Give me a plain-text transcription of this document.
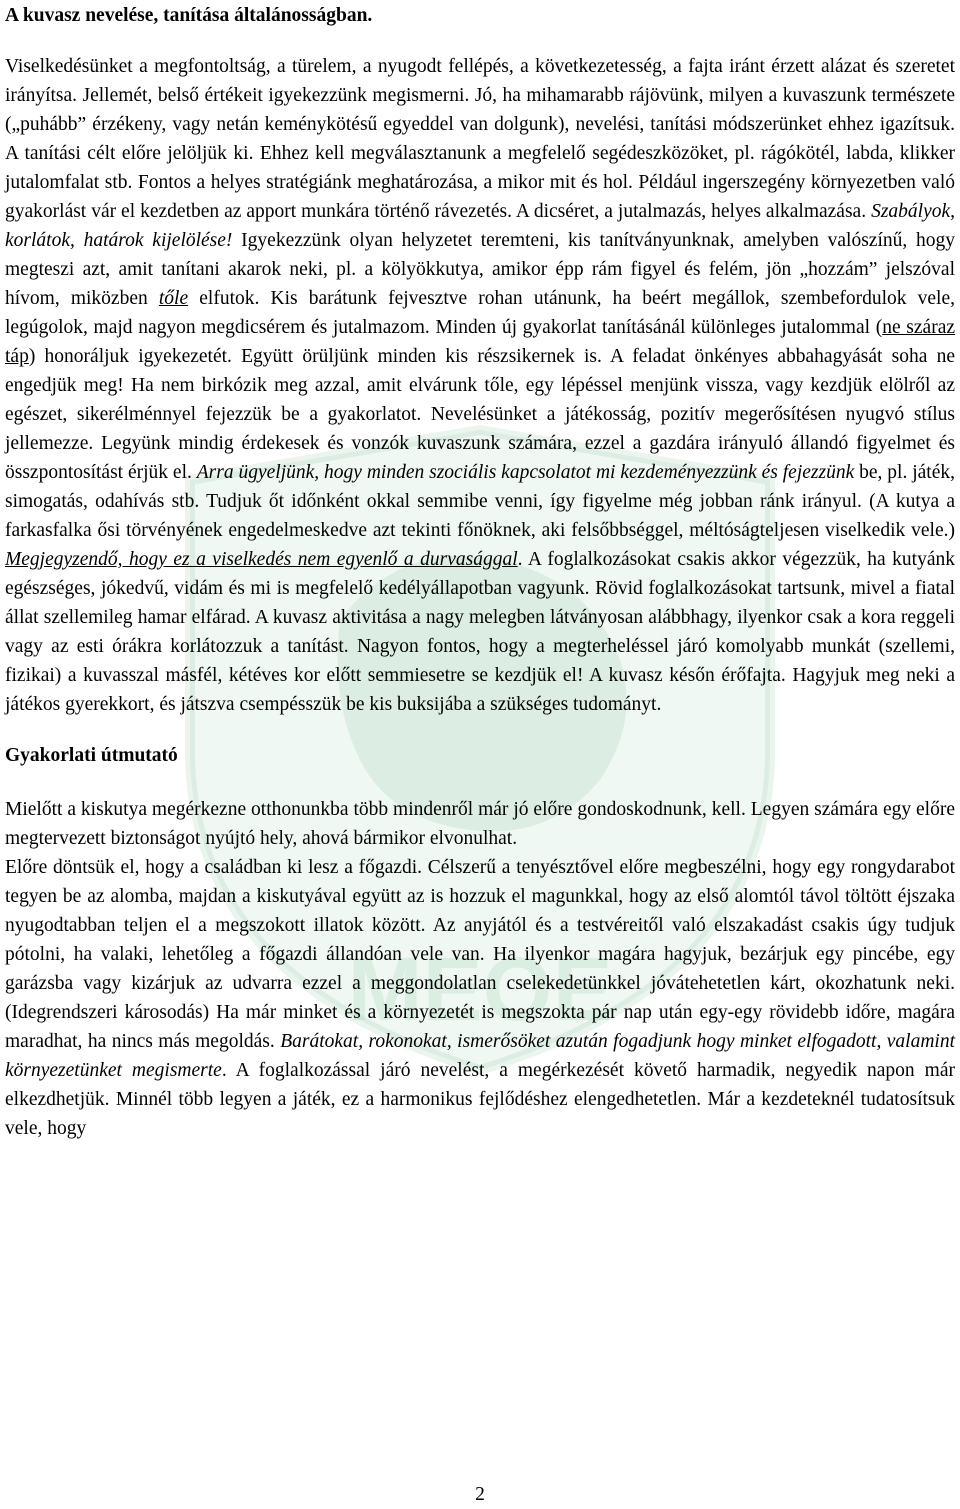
MEOE
A kuvasz nevelése, tanítása általánosságban.

Viselkedésünket a megfontoltság, a türelem, a nyugodt fellépés, a következetesség, a fajta iránt érzett alázat és szeretet irányítsa. Jellemét, belső értékeit igyekezzünk megismerni. Jó, ha mihamarabb rájövünk, milyen a kuvaszunk természete („puhább” érzékeny, vagy netán keménykötésű egyeddel van dolgunk), nevelési, tanítási módszerünket ehhez igazítsuk. A tanítási célt előre jelöljük ki. Ehhez kell megválasztanunk a megfelelő segédeszközöket, pl. rágókötél, labda, klikker jutalomfalat stb. Fontos a helyes stratégiánk meghatározása, a mikor mit és hol. Például ingerszegény környezetben való gyakorlást vár el kezdetben az apport munkára történő rávezetés. A dicséret, a jutalmazás, helyes alkalmazása. Szabályok, korlátok, határok kijelölése! Igyekezzünk olyan helyzetet teremteni, kis tanítványunknak, amelyben valószínű, hogy megteszi azt, amit tanítani akarok neki, pl. a kölyökkutya, amikor épp rám figyel és felém, jön „hozzám” jelszóval hívom, miközben tőle elfutok. Kis barátunk fejvesztve rohan utánunk, ha beért megállok, szembefordulok vele, legúgolok, majd nagyon megdicsérem és jutalmazom. Minden új gyakorlat tanításánál különleges jutalommal (ne száraz táp) honoráljuk igyekezetét. Együtt örüljünk minden kis részsikernek is. A feladat önkényes abbahagyását soha ne engedjük meg! Ha nem birkózik meg azzal, amit elvárunk tőle, egy lépéssel menjünk vissza, vagy kezdjük elölről az egészet, sikerélménnyel fejezzük be a gyakorlatot. Nevelésünket a játékosság, pozitív megerősítésen nyugvó stílus jellemezze. Legyünk mindig érdekesek és vonzók kuvaszunk számára, ezzel a gazdára irányuló állandó figyelmet és összpontosítást érjük el. Arra ügyeljünk, hogy minden szociális kapcsolatot mi kezdeményezzünk és fejezzünk be, pl. játék, simogatás, odahívás stb. Tudjuk őt időnként okkal semmibe venni, így figyelme még jobban ránk irányul. (A kutya a farkasfalka ősi törvényének engedelmeskedve azt tekinti főnöknek, aki felsőbbséggel, méltóságteljesen viselkedik vele.) Megjegyzendő, hogy ez a viselkedés nem egyenlő a durvasággal. A foglalkozásokat csakis akkor végezzük, ha kutyánk egészséges, jókedvű, vidám és mi is megfelelő kedélyállapotban vagyunk. Rövid foglalkozásokat tartsunk, mivel a fiatal állat szellemileg hamar elfárad. A kuvasz aktivitása a nagy melegben látványosan alábbhagy, ilyenkor csak a kora reggeli vagy az esti órákra korlátozzuk a tanítást. Nagyon fontos, hogy a megterheléssel járó komolyabb munkát (szellemi, fizikai) a kuvasszal másfél, kétéves kor előtt semmiesetre se kezdjük el! A kuvasz későn érőfajta. Hagyjuk meg neki a játékos gyerekkort, és játszva csempésszük be kis buksijába a szükséges tudományt.

Gyakorlati útmutató

Mielőtt a kiskutya megérkezne otthonunkba több mindenről már jó előre gondoskodnunk, kell. Legyen számára egy előre megtervezett biztonságot nyújtó hely, ahová bármikor elvonulhat.

Előre döntsük el, hogy a családban ki lesz a főgazdi. Célszerű a tenyésztővel előre megbeszélni, hogy egy rongydarabot tegyen be az alomba, majdan a kiskutyával együtt az is hozzuk el magunkkal, hogy az első alomtól távol töltött éjszaka nyugodtabban teljen el a megszokott illatok között. Az anyjától és a testvéreitől való elszakadást csakis úgy tudjuk pótolni, ha valaki, lehetőleg a főgazdi állandóan vele van. Ha ilyenkor magára hagyjuk, bezárjuk egy pincébe, egy garázsba vagy kizárjuk az udvarra ezzel a meggondolatlan cselekedetünkkel jóvátehetetlen kárt, okozhatunk neki. (Idegrendszeri károsodás) Ha már minket és a környezetét is megszokta pár nap után egy-egy rövidebb időre, magára maradhat, ha nincs más megoldás. Barátokat, rokonokat, ismerősöket azután fogadjunk hogy minket elfogadott, valamint környezetünket megismerte. A foglalkozással járó nevelést, a megérkezését követő harmadik, negyedik napon már elkezdhetjük. Minnél több legyen a játék, ez a harmonikus fejlődéshez elengedhetetlen. Már a kezdeteknél tudatosítsuk vele, hogy

2
